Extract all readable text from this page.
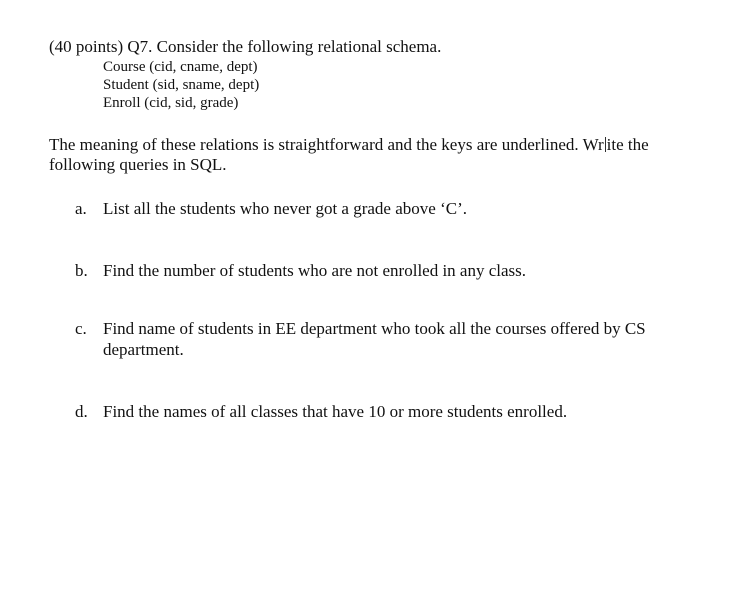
(40 points) Q7. Consider the following relational schema.
Course (cid, cname, dept)
Student (sid, sname, dept)
Enroll (cid, sid, grade)
The meaning of these relations is straightforward and the keys are underlined. Wr ite the following queries in SQL.
a. List all the students who never got a grade above ‘C’.
b. Find the number of students who are not enrolled in any class.
c. Find name of students in EE department who took all the courses offered by CS department.
d. Find the names of all classes that have 10 or more students enrolled.
